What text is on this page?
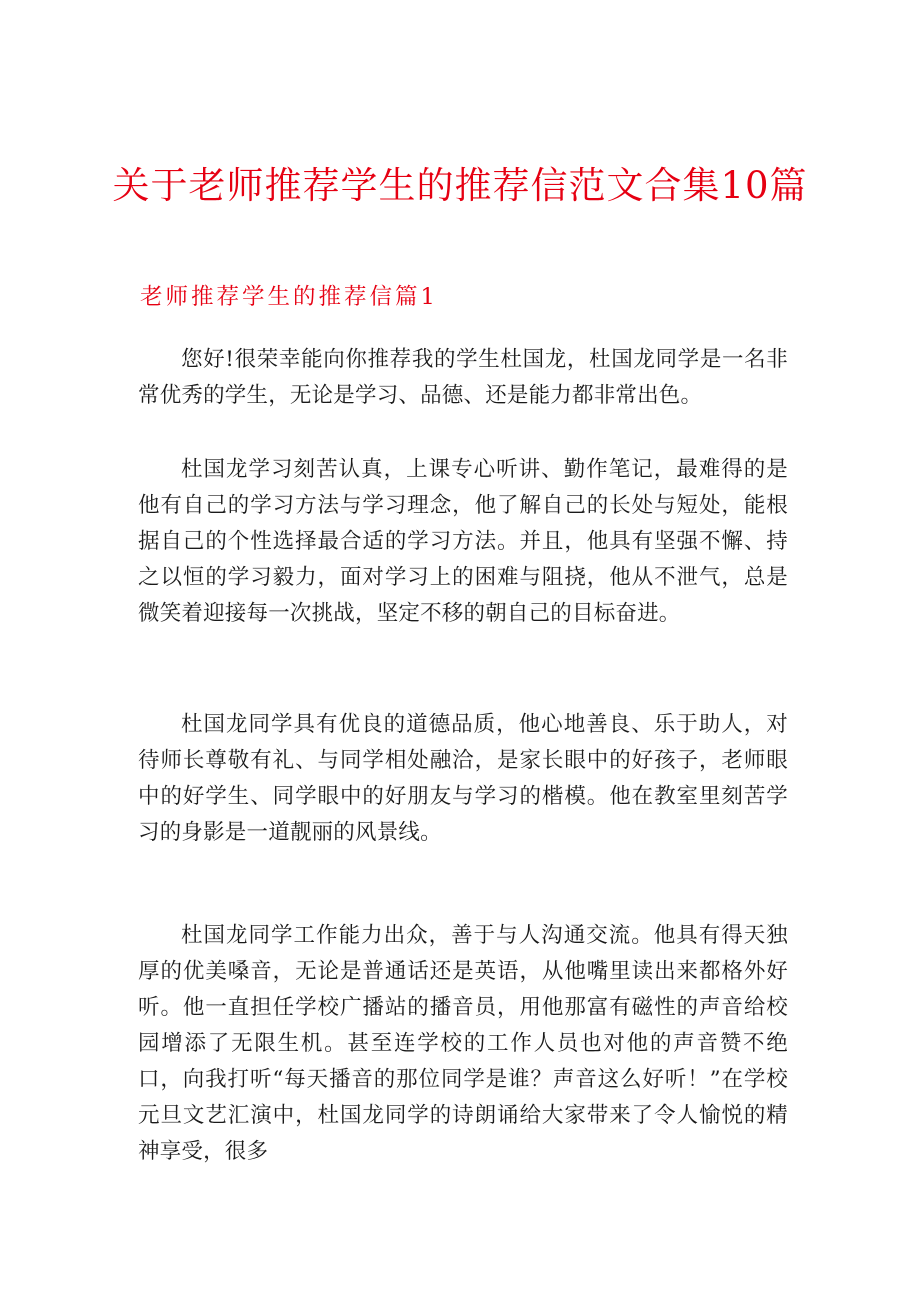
关于老师推荐学生的推荐信范文合集10篇
老师推荐学生的推荐信篇1

您好!很荣幸能向你推荐我的学生杜国龙，杜国龙同学是一名非常优秀的学生，无论是学习、品德、还是能力都非常出色。

杜国龙学习刻苦认真，上课专心听讲、勤作笔记，最难得的是他有自己的学习方法与学习理念，他了解自己的长处与短处，能根据自己的个性选择最合适的学习方法。并且，他具有坚强不懈、持之以恒的学习毅力，面对学习上的困难与阻挠，他从不泄气，总是微笑着迎接每一次挑战，坚定不移的朝自己的目标奋进。

杜国龙同学具有优良的道德品质，他心地善良、乐于助人，对待师长尊敬有礼、与同学相处融洽，是家长眼中的好孩子，老师眼中的好学生、同学眼中的好朋友与学习的楷模。他在教室里刻苦学习的身影是一道靓丽的风景线。

杜国龙同学工作能力出众，善于与人沟通交流。他具有得天独厚的优美嗓音，无论是普通话还是英语，从他嘴里读出来都格外好听。他一直担任学校广播站的播音员，用他那富有磁性的声音给校园增添了无限生机。甚至连学校的工作人员也对他的声音赞不绝口，向我打听“每天播音的那位同学是谁？声音这么好听！”在学校元旦文艺汇演中，杜国龙同学的诗朗诵给大家带来了令人愉悦的精神享受，很多
